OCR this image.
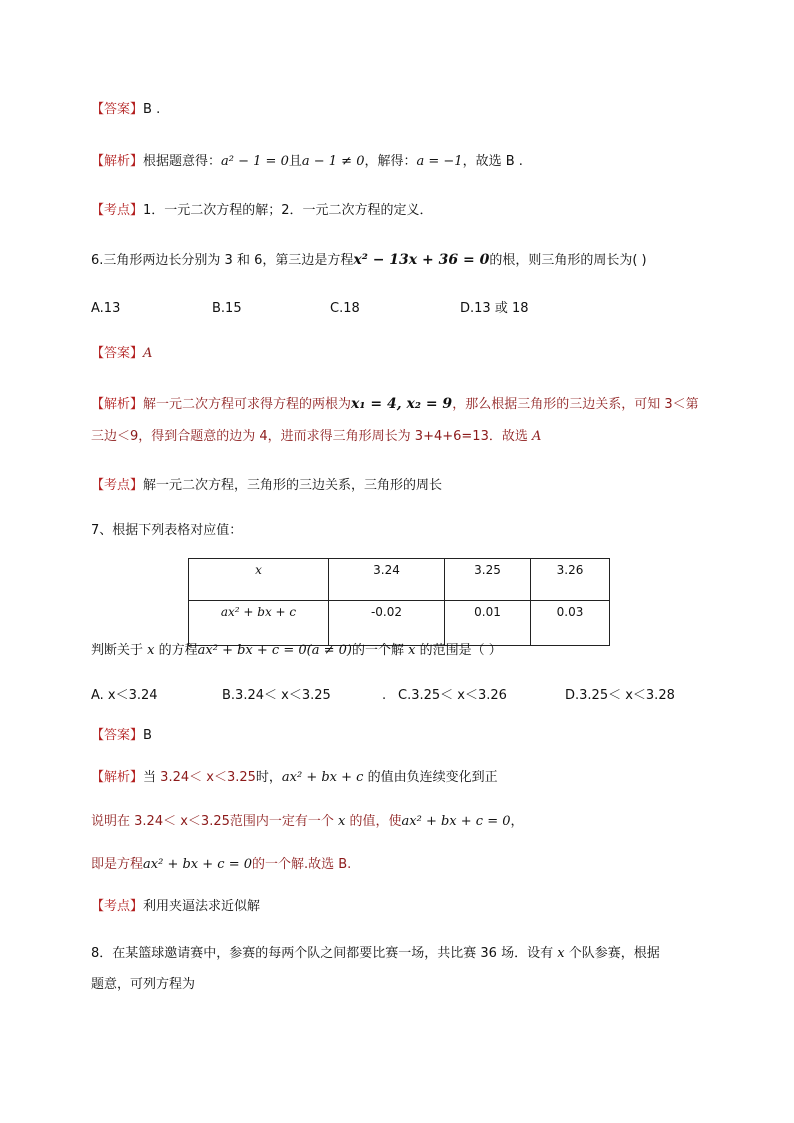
【答案】B .
【解析】根据题意得：a² − 1 = 0且a − 1 ≠ 0，解得：a = −1，故选 B .
【考点】1．一元二次方程的解；2．一元二次方程的定义．
6.三角形两边长分别为 3 和 6，第三边是方程x² − 13x + 36 = 0的根，则三角形的周长为( )
A.13	B.15	C.18	D.13 或 18
【答案】A
【解析】解一元二次方程可求得方程的两根为x₁ = 4, x₂ = 9，那么根据三角形的三边关系，可知 3＜第
三边＜9，得到合题意的边为 4，进而求得三角形周长为 3+4+6=13．故选 A
【考点】解一元二次方程，三角形的三边关系，三角形的周长
7、根据下列表格对应值：
x	3.24	3.25	3.26
ax² + bx + c	-0.02	0.01	0.03
判断关于 x 的方程ax² + bx + c = 0(a ≠ 0)的一个解 x 的范围是（ ）
A. x＜3.24	B.3.24＜ x＜3.25	. C.3.25＜ x＜3.26	D.3.25＜ x＜3.28
【答案】B
【解析】当 3.24＜ x＜3.25时，ax² + bx + c 的值由负连续变化到正
说明在 3.24＜ x＜3.25范围内一定有一个 x 的值，使ax² + bx + c = 0，
即是方程ax² + bx + c = 0的一个解.故选 B.
【考点】利用夹逼法求近似解
8．在某篮球邀请赛中，参赛的每两个队之间都要比赛一场，共比赛 36 场．设有 x 个队参赛，根据
题意，可列方程为
